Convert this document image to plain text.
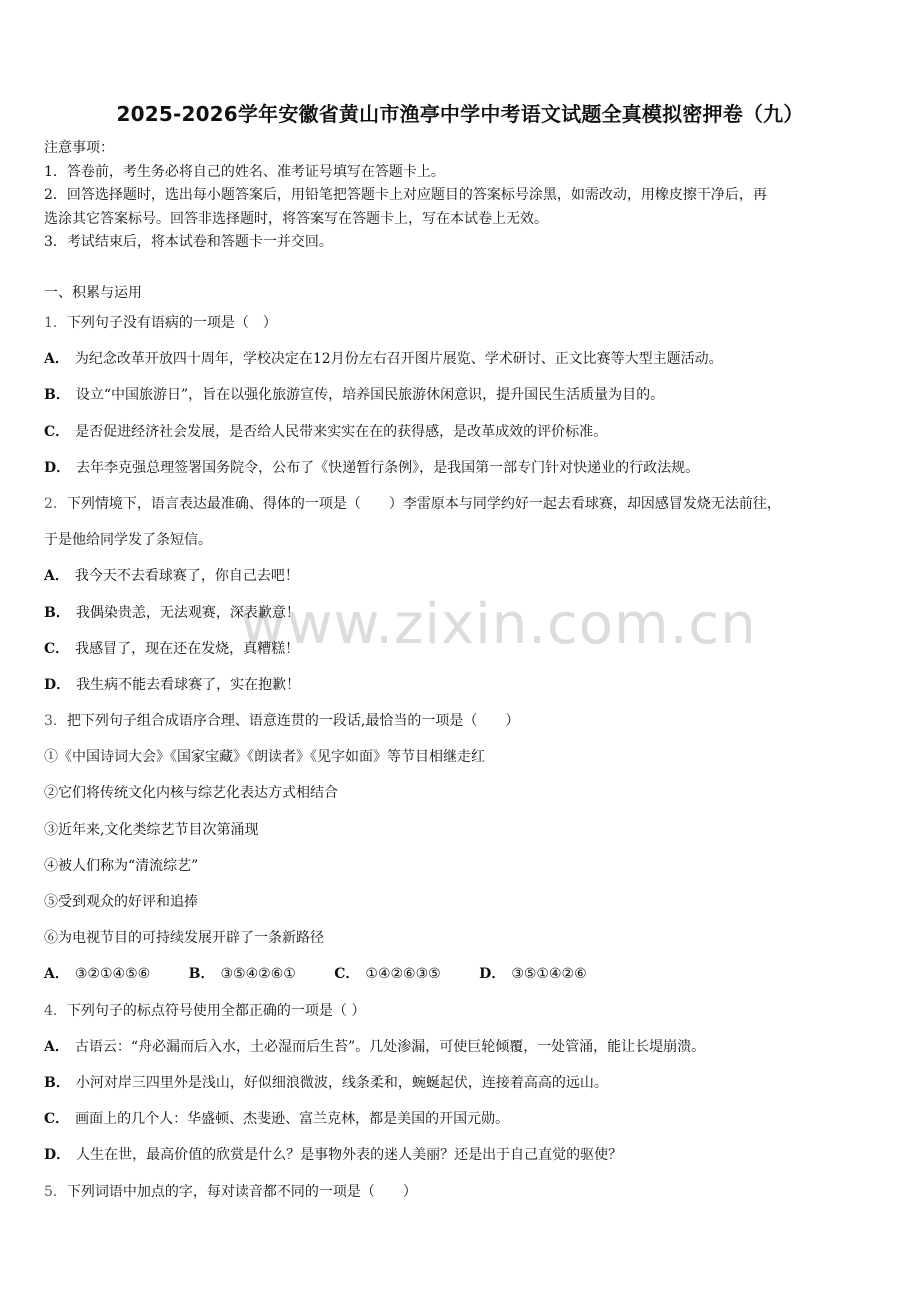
www.zixin.com.cn
2025-2026学年安徽省黄山市渔亭中学中考语文试题全真模拟密押卷（九）
注意事项：
1．答卷前，考生务必将自己的姓名、准考证号填写在答题卡上。
2．回答选择题时，选出每小题答案后，用铅笔把答题卡上对应题目的答案标号涂黑，如需改动，用橡皮擦干净后，再
选涂其它答案标号。回答非选择题时，将答案写在答题卡上，写在本试卷上无效。
3．考试结束后，将本试卷和答题卡一并交回。
一、积累与运用
1．下列句子没有语病的一项是（　）
A． 为纪念改革开放四十周年，学校决定在12月份左右召开图片展览、学术研讨、正文比赛等大型主题活动。
B． 设立“中国旅游日”，旨在以强化旅游宣传，培养国民旅游休闲意识，提升国民生活质量为目的。
C． 是否促进经济社会发展，是否给人民带来实实在在的获得感，是改革成效的评价标准。
D． 去年李克强总理签署国务院令，公布了《快递暂行条例》，是我国第一部专门针对快递业的行政法规。
2．下列情境下，语言表达最准确、得体的一项是（　　）李雷原本与同学约好一起去看球赛，却因感冒发烧无法前往，
于是他给同学发了条短信。
A． 我今天不去看球赛了，你自己去吧！
B． 我偶染贵恙，无法观赛，深表歉意！
C． 我感冒了，现在还在发烧，真糟糕！
D． 我生病不能去看球赛了，实在抱歉！
3．把下列句子组合成语序合理、语意连贯的一段话,最恰当的一项是（　　）
①《中国诗词大会》《国家宝藏》《朗读者》《见字如面》等节目相继走红
②它们将传统文化内核与综艺化表达方式相结合
③近年来,文化类综艺节目次第涌现
④被人们称为“清流综艺”
⑤受到观众的好评和追捧
⑥为电视节目的可持续发展开辟了一条新路径
A． ③②①④⑤⑥	B． ③⑤④②⑥①	C． ①④②⑥③⑤	D． ③⑤①④②⑥
4．下列句子的标点符号使用全都正确的一项是（ ）
A． 古语云：“舟必漏而后入水，土必湿而后生苔”。几处渗漏，可使巨轮倾覆，一处管涌，能让长堤崩溃。
B． 小河对岸三四里外是浅山，好似细浪微波，线条柔和，蜿蜒起伏，连接着高高的远山。
C． 画面上的几个人：华盛顿、杰斐逊、富兰克林，都是美国的开国元勋。
D． 人生在世，最高价值的欣赏是什么？是事物外表的迷人美丽？还是出于自己直觉的驱使？
5．下列词语中加点的字，每对读音都不同的一项是（　　）
